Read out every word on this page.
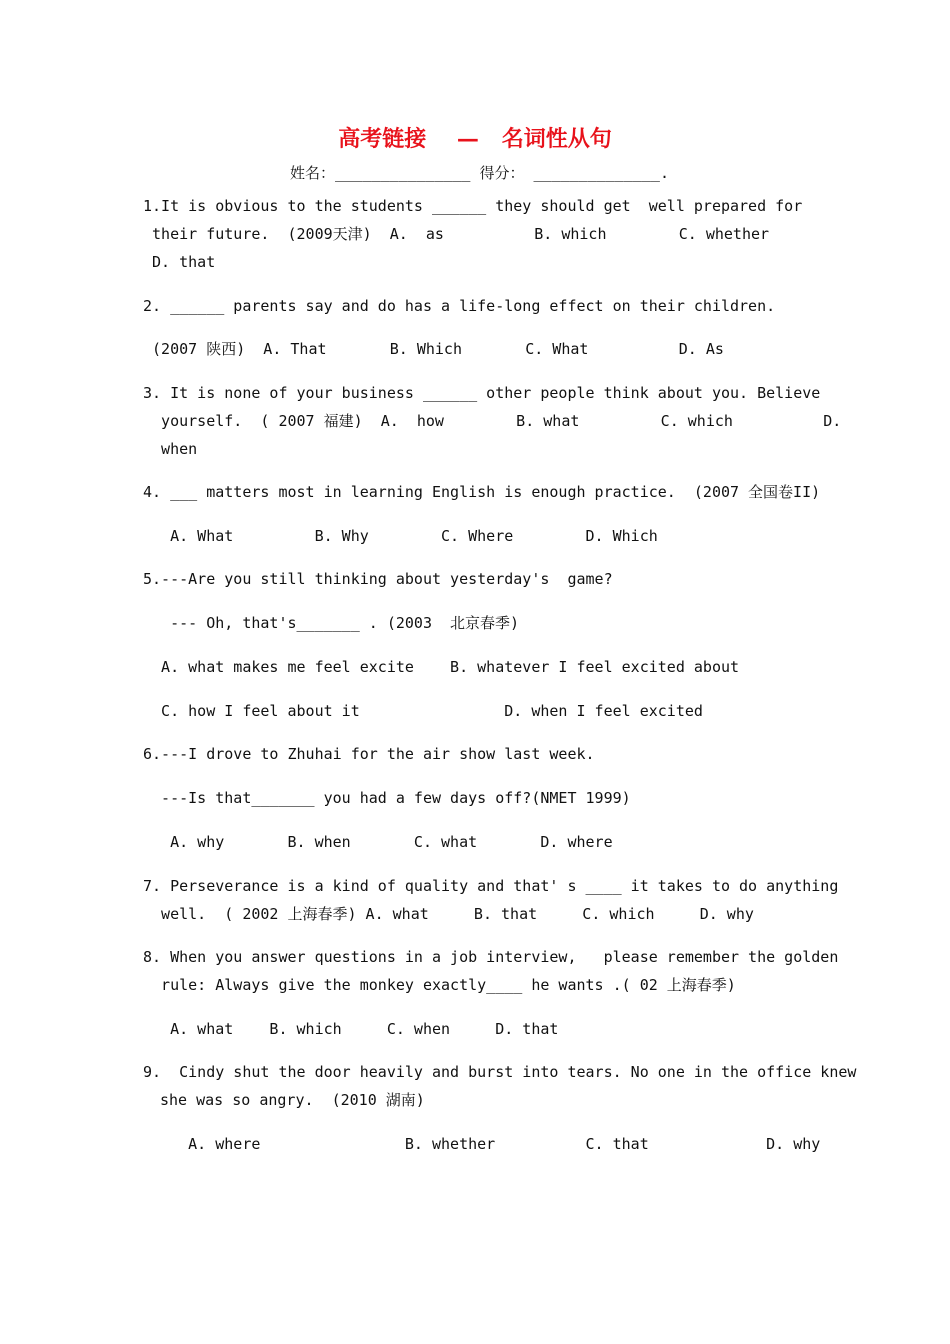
高考链接    —   名词性从句
姓名：_______________ 得分： ______________.
1.It is obvious to the students ______ they should get  well prepared for
their future.  (2009天津)  A.  as          B. which        C. whether
D. that
2. ______ parents say and do has a life-long effect on their children.
(2007 陕西)  A. That       B. Which       C. What          D. As
3. It is none of your business ______ other people think about you. Believe
yourself.  ( 2007 福建)  A.  how        B. what         C. which          D.
when
4. ___ matters most in learning English is enough practice.  (2007 全国卷II)
A. What         B. Why        C. Where        D. Which
5.---Are you still thinking about yesterday's  game?
--- Oh, that's_______ . (2003  北京春季)
A. what makes me feel excite    B. whatever I feel excited about
C. how I feel about it                D. when I feel excited
6.---I drove to Zhuhai for the air show last week.
---Is that_______ you had a few days off?(NMET 1999)
A. why       B. when       C. what       D. where
7. Perseverance is a kind of quality and that' s ____ it takes to do anything
well.  ( 2002 上海春季) A. what     B. that     C. which     D. why
8. When you answer questions in a job interview,   please remember the golden
rule: Always give the monkey exactly____ he wants .( 02 上海春季)
A. what    B. which     C. when     D. that
9.  Cindy shut the door heavily and burst into tears. No one in the office knew
she was so angry.  (2010 湖南)
A. where                B. whether          C. that             D. why
